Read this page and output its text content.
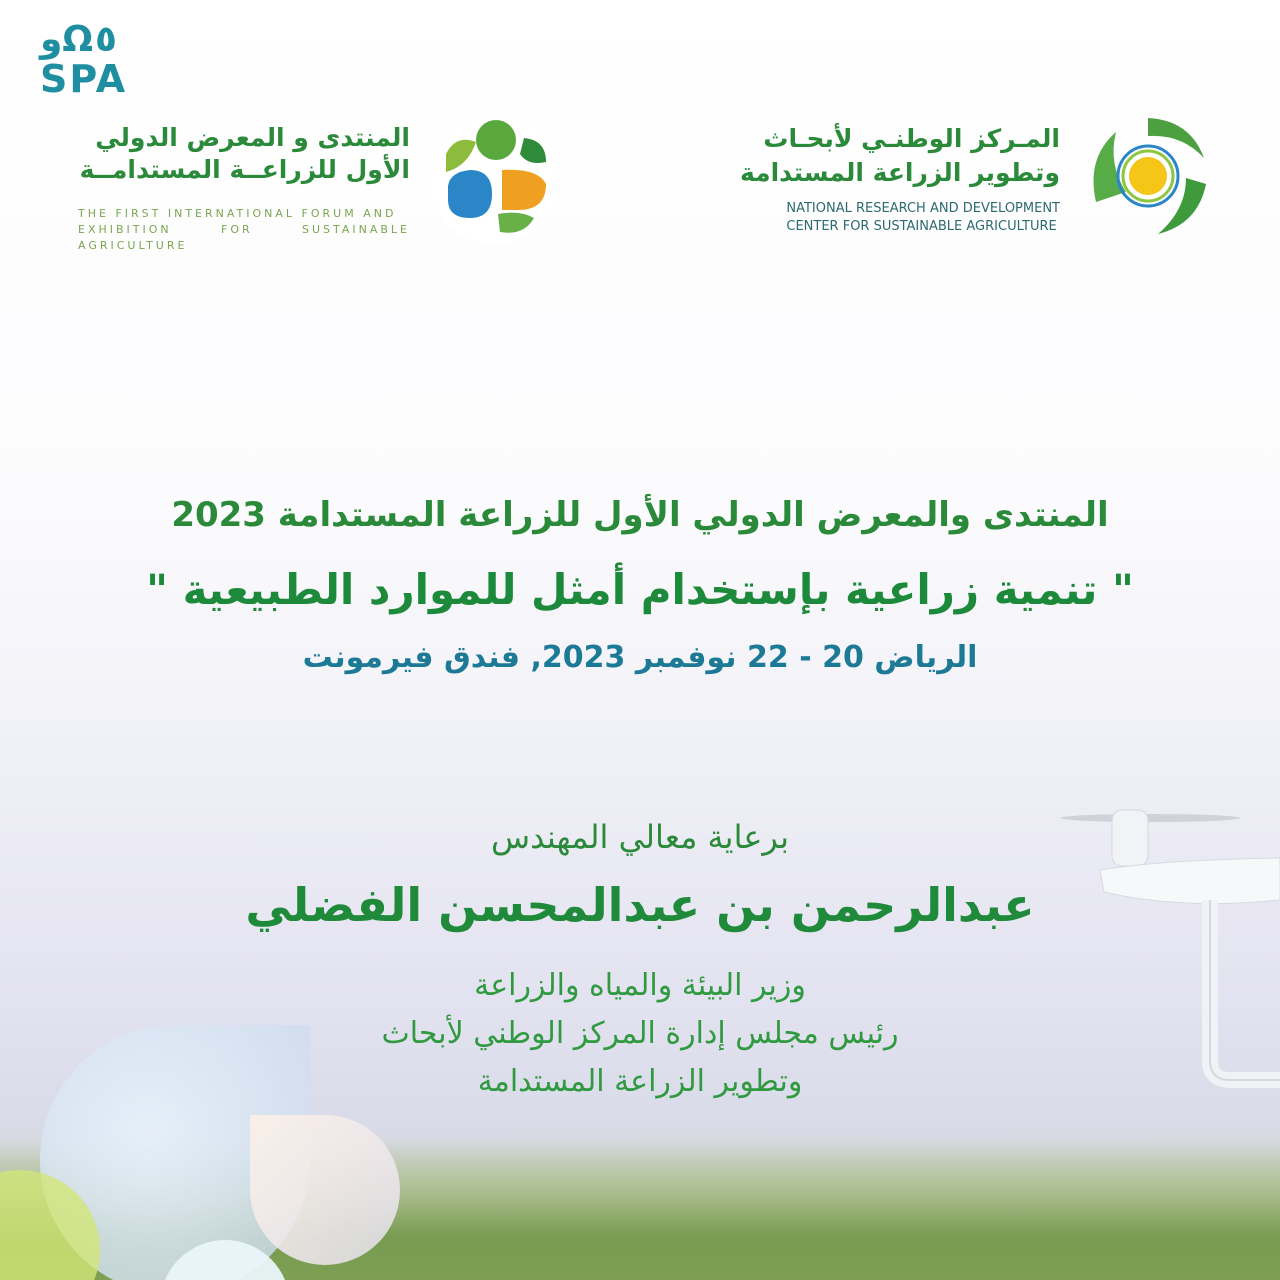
وΩ٥
SPA
المنتدى و المعرض الدولي
الأول للزراعــة المستدامــة
THE FIRST INTERNATIONAL FORUM AND
EXHIBITION FOR SUSTAINABLE AGRICULTURE
المـركز الوطنـي لأبحـاث
وتطوير الزراعة المستدامة
NATIONAL RESEARCH AND DEVELOPMENT
CENTER FOR SUSTAINABLE AGRICULTURE
المنتدى والمعرض الدولي الأول للزراعة المستدامة 2023
" تنمية زراعية بإستخدام أمثل للموارد الطبيعية "
الرياض 20 - 22 نوفمبر 2023, فندق فيرمونت
برعاية معالي المهندس
عبدالرحمن بن عبدالمحسن الفضلي
وزير البيئة والمياه والزراعة
رئيس مجلس إدارة المركز الوطني لأبحاث
وتطوير الزراعة المستدامة
